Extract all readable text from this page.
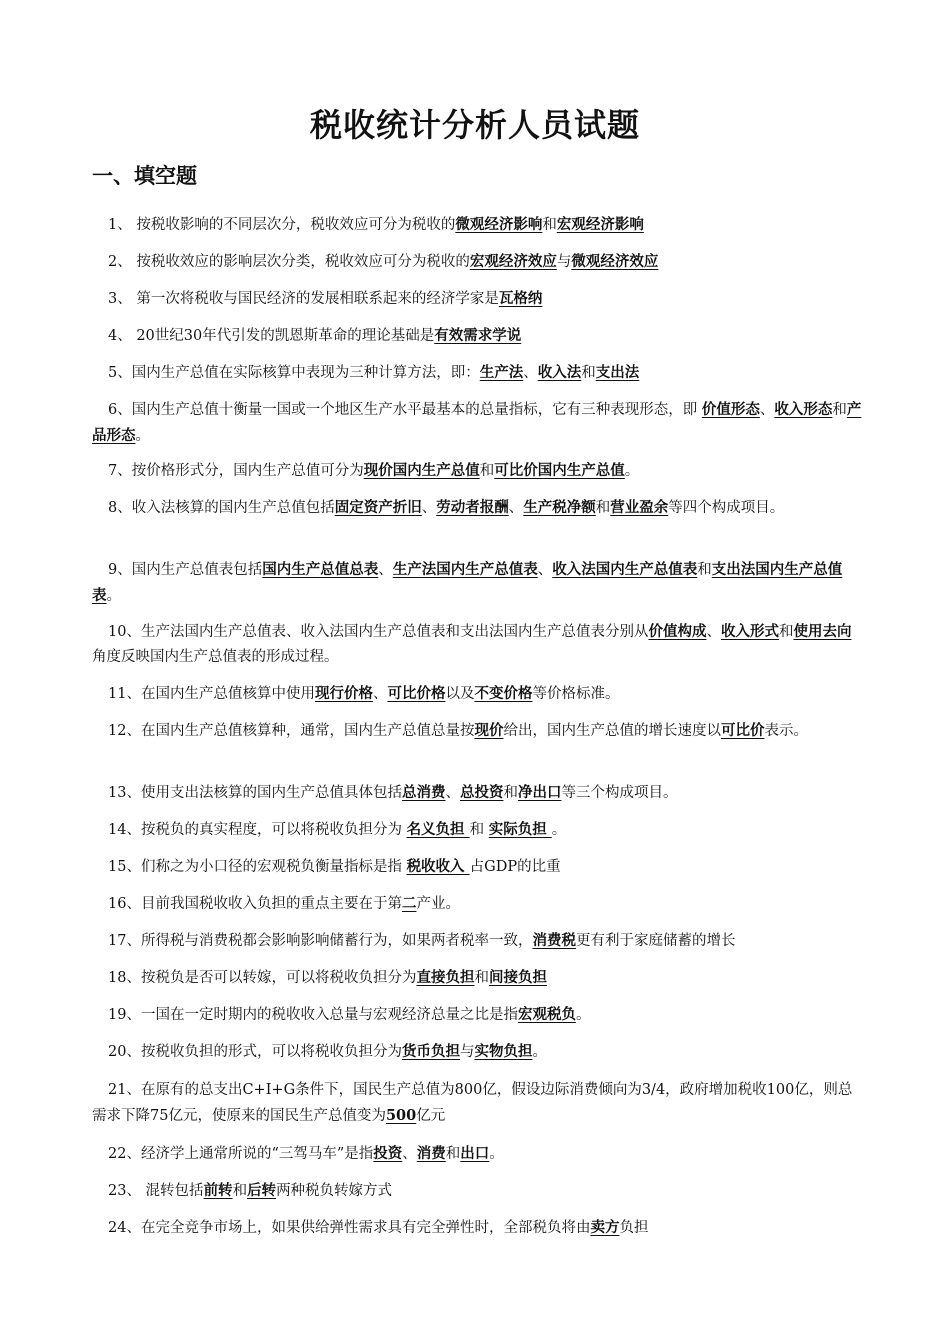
税收统计分析人员试题
一、填空题
1、 按税收影响的不同层次分，税收效应可分为税收的微观经济影响和宏观经济影响
2、 按税收效应的影响层次分类，税收效应可分为税收的宏观经济效应与微观经济效应
3、 第一次将税收与国民经济的发展相联系起来的经济学家是瓦格纳
4、 20世纪30年代引发的凯恩斯革命的理论基础是有效需求学说
5、国内生产总值在实际核算中表现为三种计算方法，即：生产法、收入法和支出法
6、国内生产总值十衡量一国或一个地区生产水平最基本的总量指标，它有三种表现形态，即 价值形态、收入形态和产品形态。
7、按价格形式分，国内生产总值可分为现价国内生产总值和可比价国内生产总值。
8、收入法核算的国内生产总值包括固定资产折旧、劳动者报酬、生产税净额和营业盈余等四个构成项目。
9、国内生产总值表包括国内生产总值总表、生产法国内生产总值表、收入法国内生产总值表和支出法国内生产总值表。
10、生产法国内生产总值表、收入法国内生产总值表和支出法国内生产总值表分别从价值构成、收入形式和使用去向角度反映国内生产总值表的形成过程。
11、在国内生产总值核算中使用现行价格、可比价格以及不变价格等价格标准。
12、在国内生产总值核算种，通常，国内生产总值总量按现价给出，国内生产总值的增长速度以可比价表示。
13、使用支出法核算的国内生产总值具体包括总消费、总投资和净出口等三个构成项目。
14、按税负的真实程度，可以将税收负担分为 名义负担 和 实际负担 。
15、们称之为小口径的宏观税负衡量指标是指 税收收入 占GDP的比重
16、目前我国税收收入负担的重点主要在于第二产业。
17、所得税与消费税都会影响影响储蓄行为，如果两者税率一致，消费税更有利于家庭储蓄的增长
18、按税负是否可以转嫁，可以将税收负担分为直接负担和间接负担
19、一国在一定时期内的税收收入总量与宏观经济总量之比是指宏观税负。
20、按税收负担的形式，可以将税收负担分为货币负担与实物负担。
21、在原有的总支出C+I+G条件下，国民生产总值为800亿，假设边际消费倾向为3/4，政府增加税收100亿，则总需求下降75亿元，使原来的国民生产总值变为500亿元
22、经济学上通常所说的“三驾马车”是指投资、消费和出口。
23、 混转包括前转和后转两种税负转嫁方式
24、在完全竞争市场上，如果供给弹性需求具有完全弹性时，全部税负将由卖方负担
